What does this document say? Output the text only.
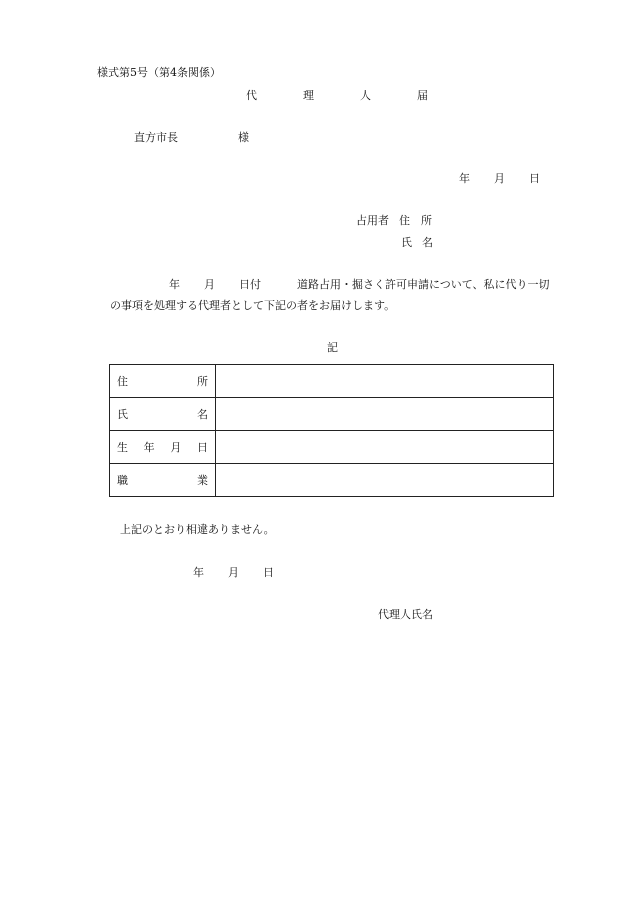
様式第5号（第4条関係）
代	理	人	届
直方市長	様
年 月 日
占用者 住　所
氏 名
年 月 日付	道路占用・掘さく許可申請について、私に代り一切
の事項を処理する代理者として下記の者をお届けします。
記
住 所	

氏 名	

生 年 月 日	

職 業	

上記のとおり相違ありません。
年 月 日
代理人氏名
